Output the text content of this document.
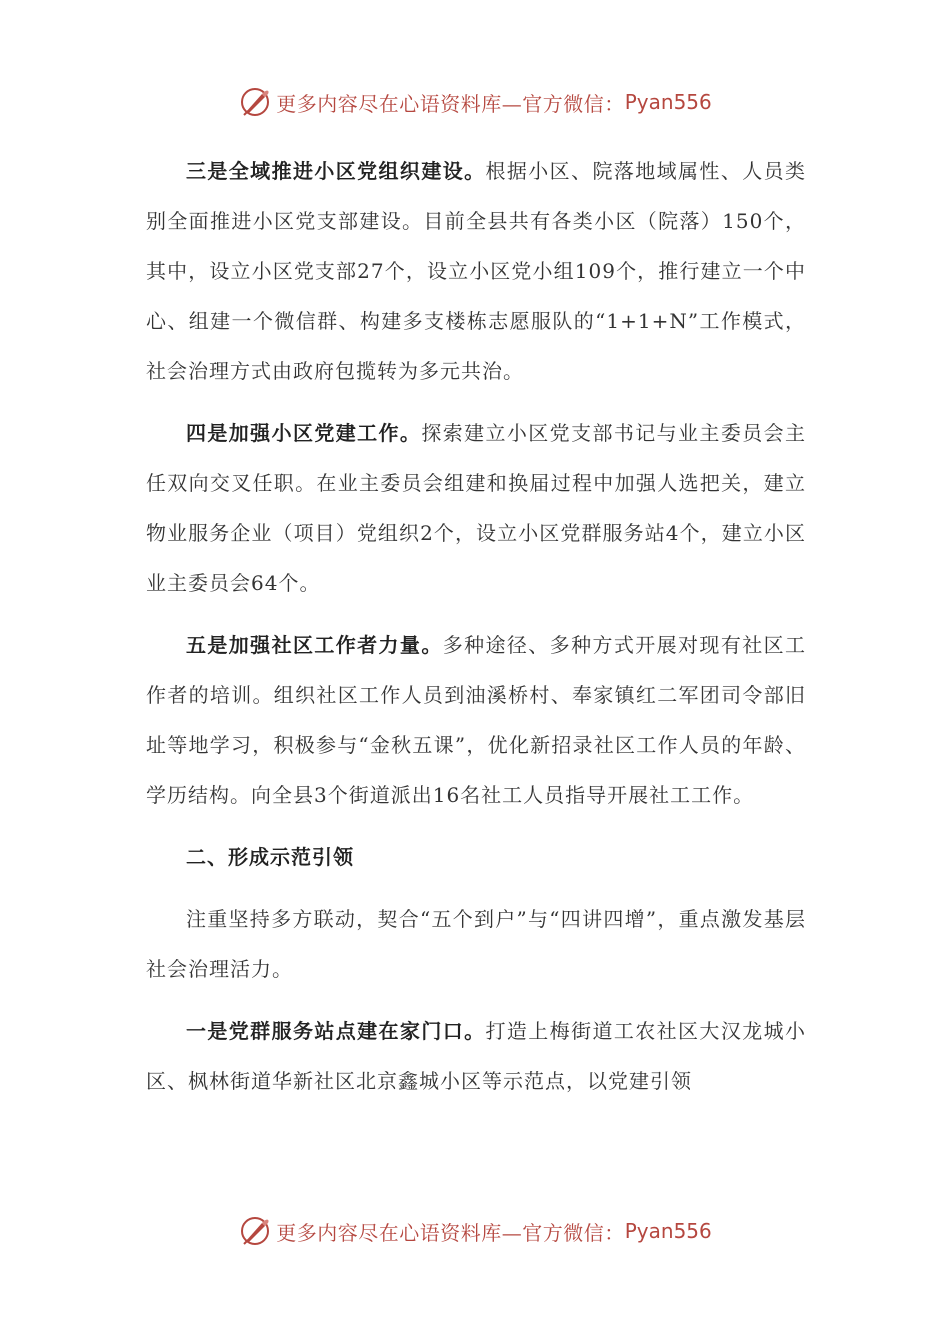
更多内容尽在心语资料库—官方微信： Pyan556

三是全域推进小区党组织建设。根据小区、院落地域属性、人员类别全面推进小区党支部建设。目前全县共有各类小区（院落）150个，其中，设立小区党支部27个，设立小区党小组109个，推行建立一个中心、组建一个微信群、构建多支楼栋志愿服队的“1+1+N”工作模式，社会治理方式由政府包揽转为多元共治。

四是加强小区党建工作。探索建立小区党支部书记与业主委员会主任双向交叉任职。在业主委员会组建和换届过程中加强人选把关，建立物业服务企业（项目）党组织2个，设立小区党群服务站4个，建立小区业主委员会64个。

五是加强社区工作者力量。多种途径、多种方式开展对现有社区工作者的培训。组织社区工作人员到油溪桥村、奉家镇红二军团司令部旧址等地学习，积极参与“金秋五课”，优化新招录社区工作人员的年龄、学历结构。向全县3个街道派出16名社工人员指导开展社工工作。

二、形成示范引领

注重坚持多方联动，契合“五个到户”与“四讲四增”，重点激发基层社会治理活力。

一是党群服务站点建在家门口。打造上梅街道工农社区大汉龙城小区、枫林街道华新社区北京鑫城小区等示范点，以党建引领

更多内容尽在心语资料库—官方微信： Pyan556
